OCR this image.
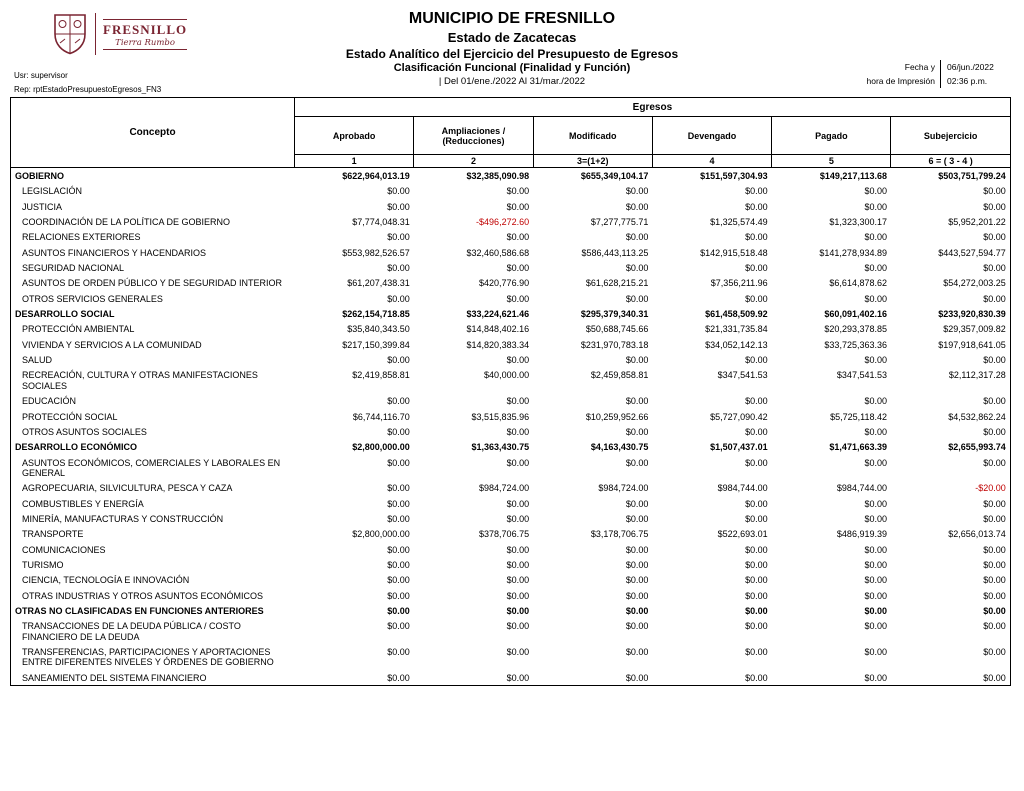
MUNICIPIO DE FRESNILLO
Estado de Zacatecas
Estado Analítico del Ejercicio del Presupuesto de Egresos
Clasificación Funcional (Finalidad y Función)
| Del 01/ene./2022 Al 31/mar./2022
FRESNILLO
Tierra Rumbo
Usr: supervisor
Rep: rptEstadoPresupuestoEgresos_FN3
Fecha y	06/jun./2022
hora de Impresión	02:36 p.m.
Concepto	Egresos					
	Aprobado	Ampliaciones / (Reducciones)	Modificado	Devengado	Pagado	Subejercicio
	1	2	3=(1+2)	4	5	6 = ( 3 - 4 )
GOBIERNO	$622,964,013.19	$32,385,090.98	$655,349,104.17	$151,597,304.93	$149,217,113.68	$503,751,799.24
LEGISLACIÓN	$0.00	$0.00	$0.00	$0.00	$0.00	$0.00
JUSTICIA	$0.00	$0.00	$0.00	$0.00	$0.00	$0.00
COORDINACIÓN DE LA POLÍTICA DE GOBIERNO	$7,774,048.31	-$496,272.60	$7,277,775.71	$1,325,574.49	$1,323,300.17	$5,952,201.22
RELACIONES EXTERIORES	$0.00	$0.00	$0.00	$0.00	$0.00	$0.00
ASUNTOS FINANCIEROS Y HACENDARIOS	$553,982,526.57	$32,460,586.68	$586,443,113.25	$142,915,518.48	$141,278,934.89	$443,527,594.77
SEGURIDAD NACIONAL	$0.00	$0.00	$0.00	$0.00	$0.00	$0.00
ASUNTOS DE ORDEN PÚBLICO Y DE SEGURIDAD INTERIOR	$61,207,438.31	$420,776.90	$61,628,215.21	$7,356,211.96	$6,614,878.62	$54,272,003.25
OTROS SERVICIOS GENERALES	$0.00	$0.00	$0.00	$0.00	$0.00	$0.00
DESARROLLO SOCIAL	$262,154,718.85	$33,224,621.46	$295,379,340.31	$61,458,509.92	$60,091,402.16	$233,920,830.39
PROTECCIÓN AMBIENTAL	$35,840,343.50	$14,848,402.16	$50,688,745.66	$21,331,735.84	$20,293,378.85	$29,357,009.82
VIVIENDA Y SERVICIOS A LA COMUNIDAD	$217,150,399.84	$14,820,383.34	$231,970,783.18	$34,052,142.13	$33,725,363.36	$197,918,641.05
SALUD	$0.00	$0.00	$0.00	$0.00	$0.00	$0.00
RECREACIÓN, CULTURA Y OTRAS MANIFESTACIONES SOCIALES	$2,419,858.81	$40,000.00	$2,459,858.81	$347,541.53	$347,541.53	$2,112,317.28
EDUCACIÓN	$0.00	$0.00	$0.00	$0.00	$0.00	$0.00
PROTECCIÓN SOCIAL	$6,744,116.70	$3,515,835.96	$10,259,952.66	$5,727,090.42	$5,725,118.42	$4,532,862.24
OTROS ASUNTOS SOCIALES	$0.00	$0.00	$0.00	$0.00	$0.00	$0.00
DESARROLLO ECONÓMICO	$2,800,000.00	$1,363,430.75	$4,163,430.75	$1,507,437.01	$1,471,663.39	$2,655,993.74
ASUNTOS ECONÓMICOS, COMERCIALES Y LABORALES EN GENERAL	$0.00	$0.00	$0.00	$0.00	$0.00	$0.00
AGROPECUARIA, SILVICULTURA, PESCA Y CAZA	$0.00	$984,724.00	$984,724.00	$984,744.00	$984,744.00	-$20.00
COMBUSTIBLES Y ENERGÍA	$0.00	$0.00	$0.00	$0.00	$0.00	$0.00
MINERÍA, MANUFACTURAS Y CONSTRUCCIÓN	$0.00	$0.00	$0.00	$0.00	$0.00	$0.00
TRANSPORTE	$2,800,000.00	$378,706.75	$3,178,706.75	$522,693.01	$486,919.39	$2,656,013.74
COMUNICACIONES	$0.00	$0.00	$0.00	$0.00	$0.00	$0.00
TURISMO	$0.00	$0.00	$0.00	$0.00	$0.00	$0.00
CIENCIA, TECNOLOGÍA E INNOVACIÓN	$0.00	$0.00	$0.00	$0.00	$0.00	$0.00
OTRAS INDUSTRIAS Y OTROS ASUNTOS ECONÓMICOS	$0.00	$0.00	$0.00	$0.00	$0.00	$0.00
OTRAS NO CLASIFICADAS EN FUNCIONES ANTERIORES	$0.00	$0.00	$0.00	$0.00	$0.00	$0.00
TRANSACCIONES DE LA DEUDA PÚBLICA / COSTO FINANCIERO DE LA DEUDA	$0.00	$0.00	$0.00	$0.00	$0.00	$0.00
TRANSFERENCIAS, PARTICIPACIONES Y APORTACIONES ENTRE DIFERENTES NIVELES Y ÓRDENES DE GOBIERNO	$0.00	$0.00	$0.00	$0.00	$0.00	$0.00
SANEAMIENTO DEL SISTEMA FINANCIERO	$0.00	$0.00	$0.00	$0.00	$0.00	$0.00
